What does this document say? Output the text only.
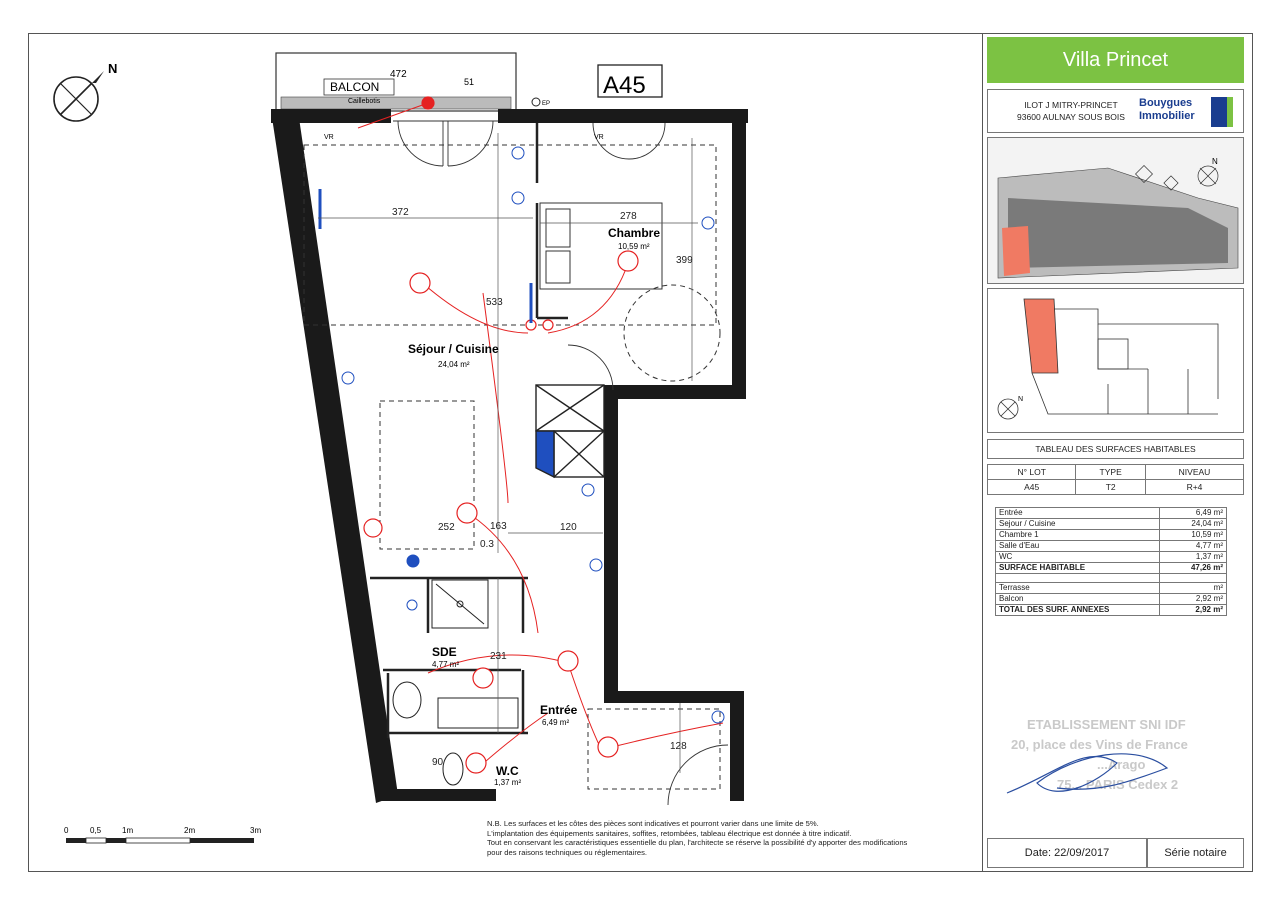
N
BALCON
Caillebotis
472
51	A45
EP
Chambre
10,59 m²
Séjour / Cuisine
24,04 m²
SDE
4,77 m²
Entrée
6,49 m²
W.C
1,37 m²
372	278
533
399
120
252	163
231
128
90
0.3
VR	VR
0	0,5	1m	2m	3m
N.B. Les surfaces et les côtes des pièces sont indicatives et pourront varier dans une limite de 5%.
L'implantation des équipements sanitaires, soffites, retombées, tableau électrique est donnée à titre indicatif.
Tout en conservant les caractéristiques essentielle du plan, l'architecte se réserve la possibilité d'y apporter des modifications
pour des raisons techniques ou réglementaires.
Villa Princet
ILOT J MITRY-PRINCET
93600 AULNAY SOUS BOIS
Bouygues
Immobilier
N
N
TABLEAU DES SURFACES HABITABLES
N° LOT	TYPE	NIVEAU
A45	T2	R+4
Entrée	6,49 m²
Sejour / Cuisine	24,04 m²
Chambre 1	10,59 m²
Salle d'Eau	4,77 m²
WC	1,37 m²
SURFACE HABITABLE	47,26 m²

Terrasse	m²
Balcon	2,92 m²
TOTAL DES SURF. ANNEXES	2,92 m²
ETABLISSEMENT SNI IDF
20, place des Vins de France
...Arago
75... PARIS Cedex 2
Date: 22/09/2017	Série notaire
